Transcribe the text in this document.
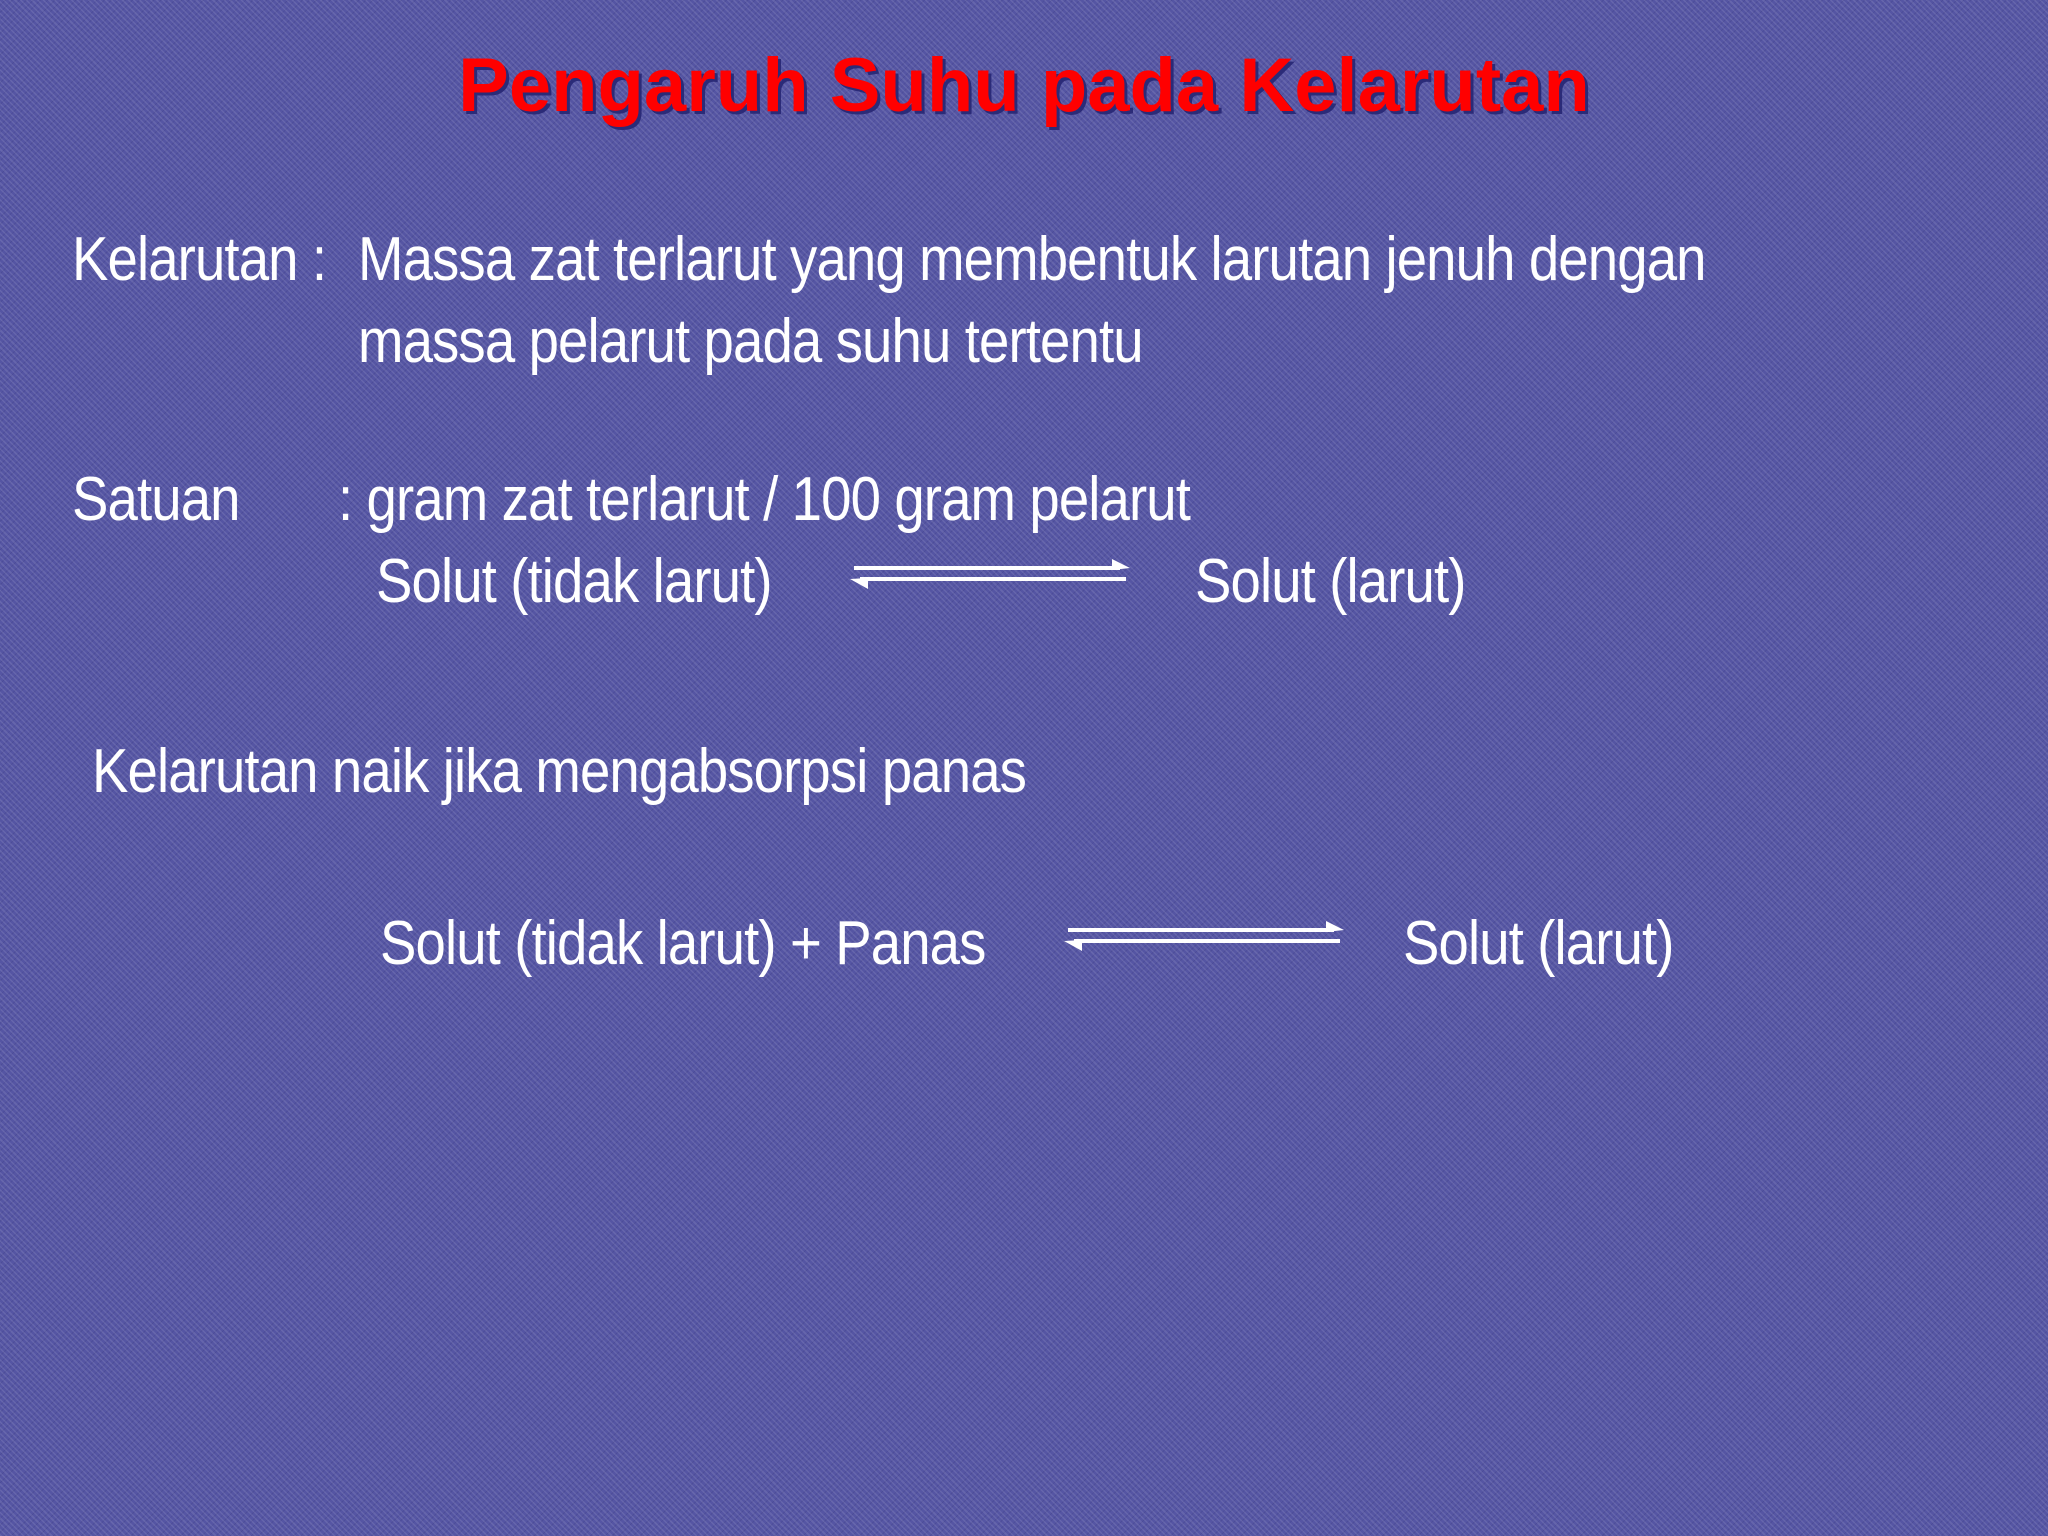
Pengaruh Suhu pada Kelarutan
Kelarutan : Massa zat terlarut yang membentuk larutan jenuh dengan
massa pelarut pada suhu tertentu
Satuan : gram zat terlarut / 100 gram pelarut
Solut (tidak larut)	Solut (larut)
Kelarutan naik jika mengabsorpsi panas
Solut (tidak larut) + Panas	Solut (larut)
